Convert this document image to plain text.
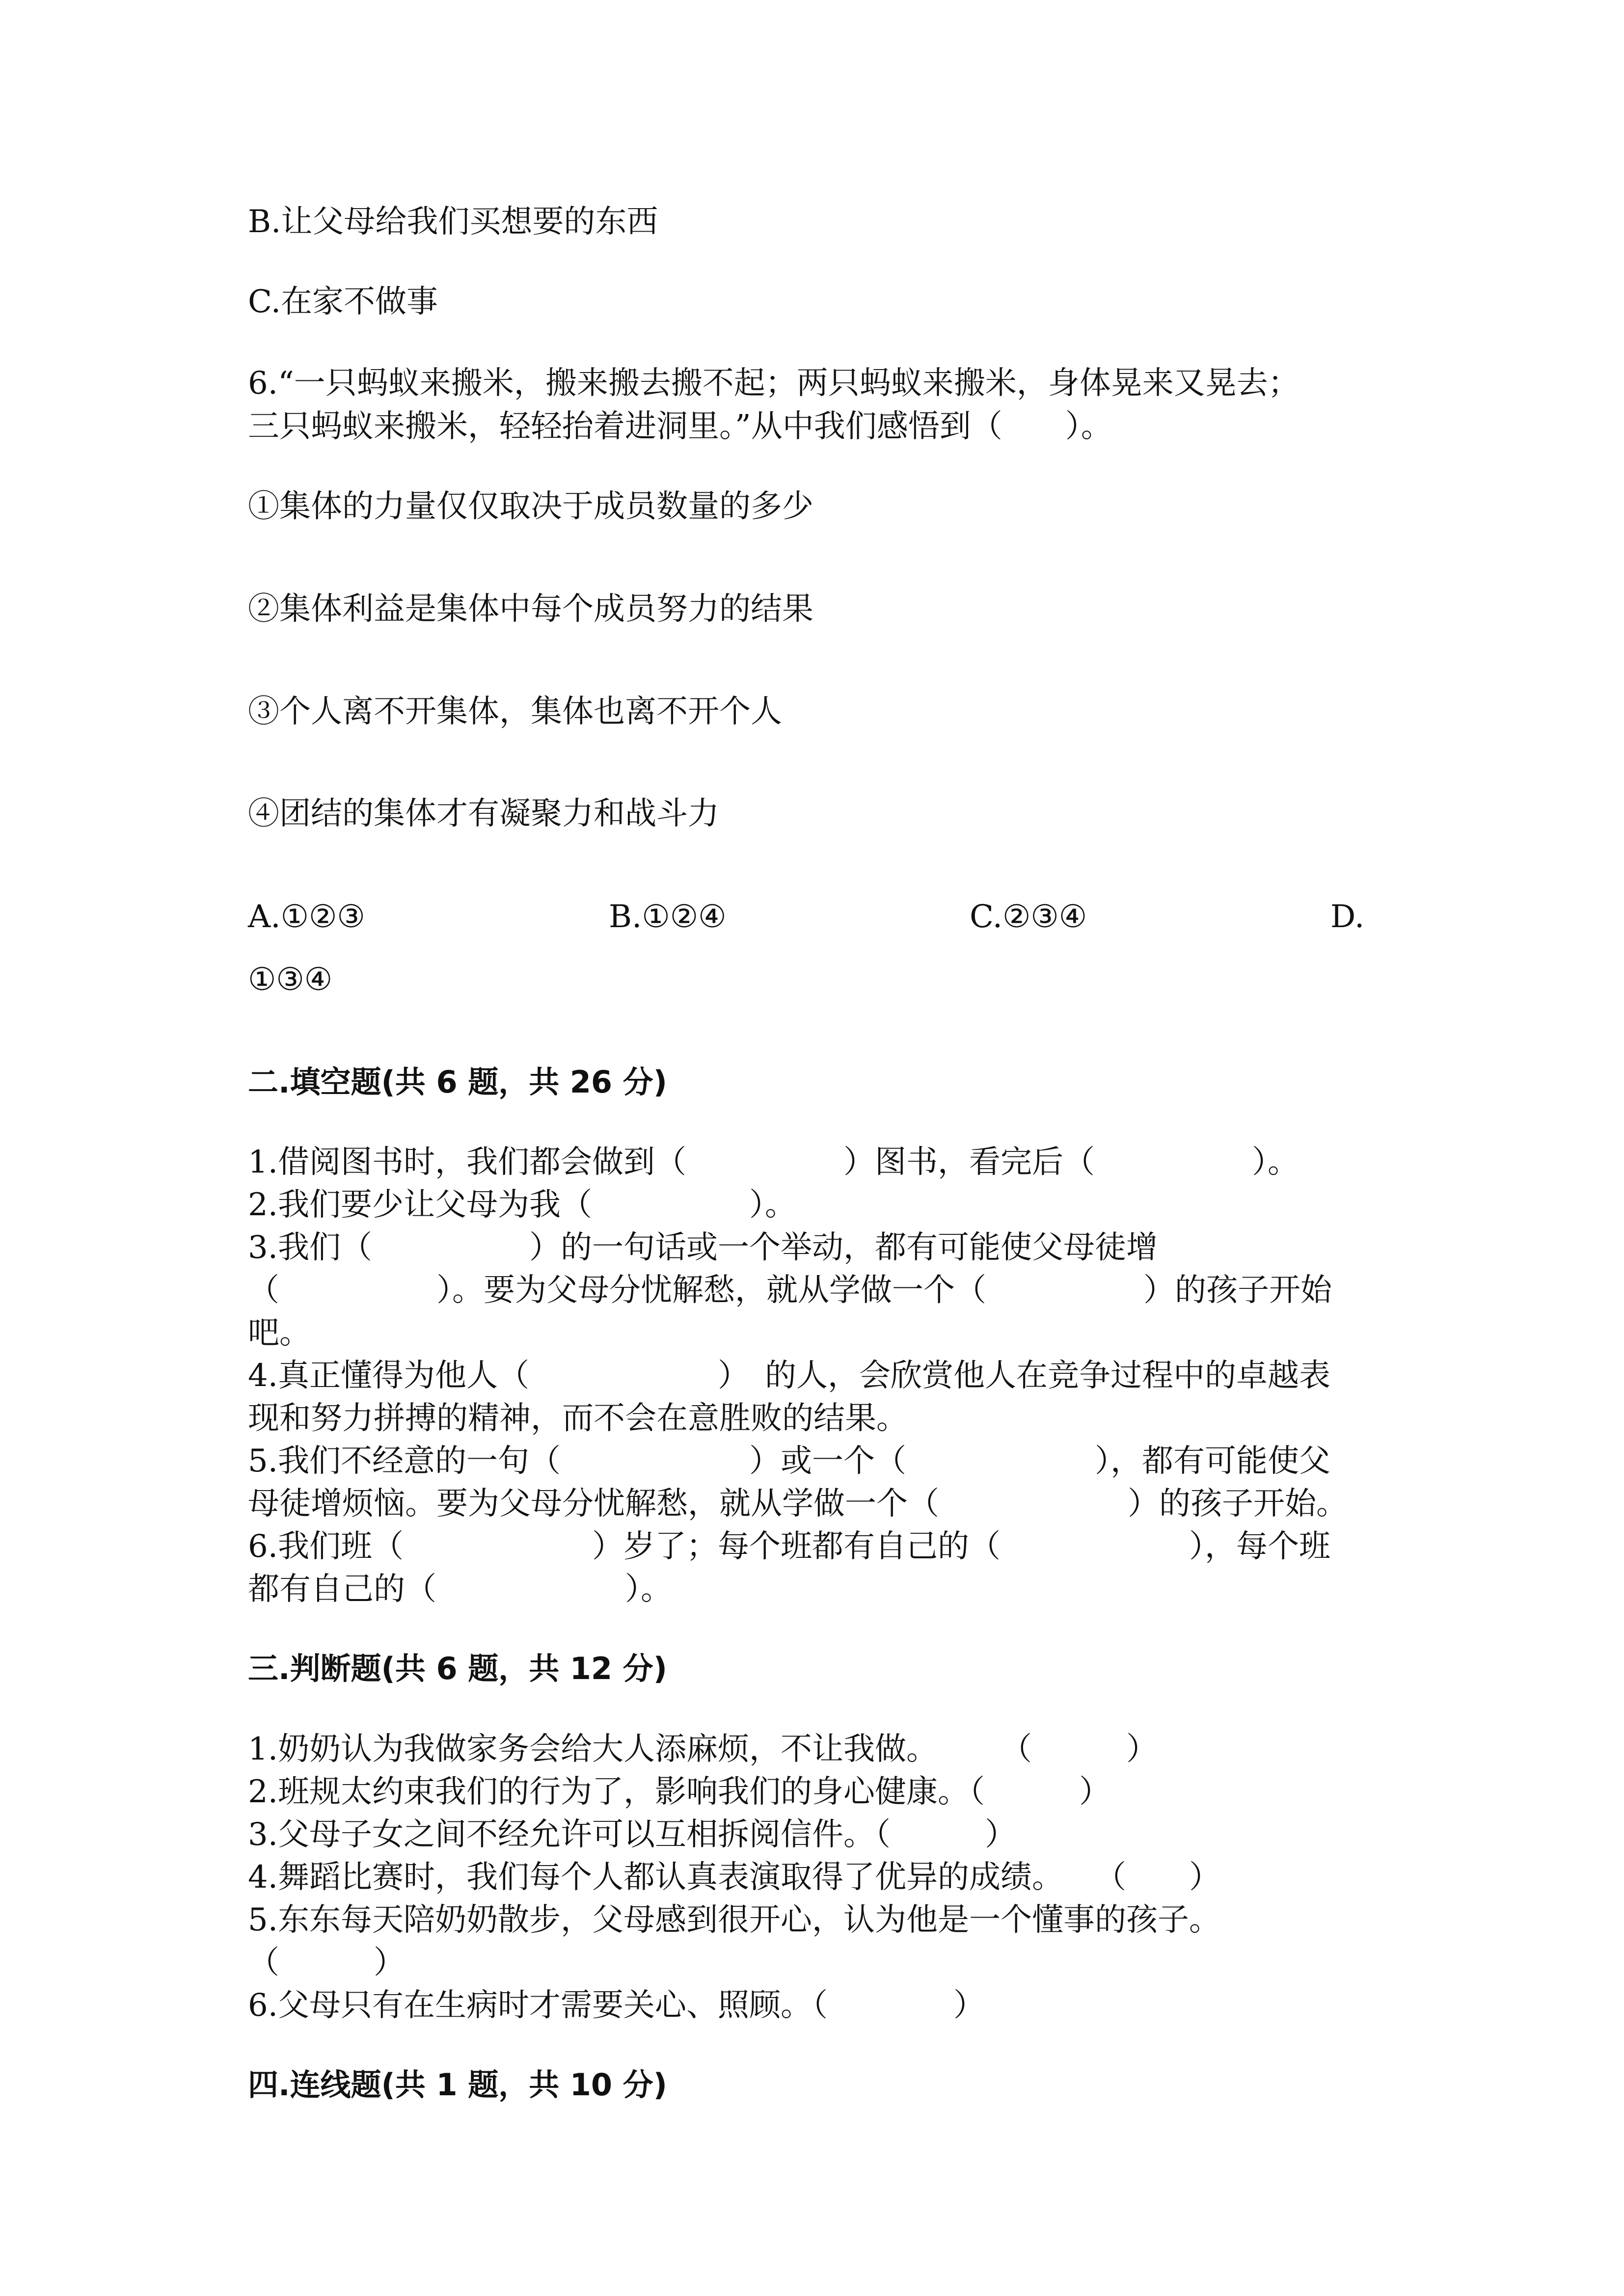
B.让父母给我们买想要的东西
C.在家不做事
6.“一只蚂蚁来搬米，搬来搬去搬不起；两只蚂蚁来搬米，身体晃来又晃去；
三只蚂蚁来搬米，轻轻抬着进洞里。”从中我们感悟到（　　）。
①集体的力量仅仅取决于成员数量的多少
②集体利益是集体中每个成员努力的结果
③个人离不开集体，集体也离不开个人
④团结的集体才有凝聚力和战斗力
A.①②③	B.①②④	C.②③④	D.
①③④
二.填空题(共 6 题，共 26 分)
1.借阅图书时，我们都会做到（　　　　　）图书，看完后（　　　　　）。
2.我们要少让父母为我（　　　　　）。
3.我们（　　　　　）的一句话或一个举动，都有可能使父母徒增
（　　　　　）。要为父母分忧解愁，就从学做一个（　　　　　）的孩子开始
吧。
4.真正懂得为他人（　　　　　　）　的人，会欣赏他人在竞争过程中的卓越表
现和努力拼搏的精神，而不会在意胜败的结果。
5.我们不经意的一句（　　　　　　）或一个（　　　　　　），都有可能使父
母徒增烦恼。要为父母分忧解愁，就从学做一个（　　　　　　）的孩子开始。
6.我们班（　　　　　　）岁了；每个班都有自己的（　　　　　　），每个班
都有自己的（　　　　　　）。
三.判断题(共 6 题，共 12 分)
1.奶奶认为我做家务会给大人添麻烦，不让我做。　　　（　　　）
2.班规太约束我们的行为了，影响我们的身心健康。（　　　）
3.父母子女之间不经允许可以互相拆阅信件。（　　　）
4.舞蹈比赛时，我们每个人都认真表演取得了优异的成绩。　　（　　）
5.东东每天陪奶奶散步，父母感到很开心，认为他是一个懂事的孩子。
（　　　）
6.父母只有在生病时才需要关心、照顾。（　　　　）
四.连线题(共 1 题，共 10 分)
